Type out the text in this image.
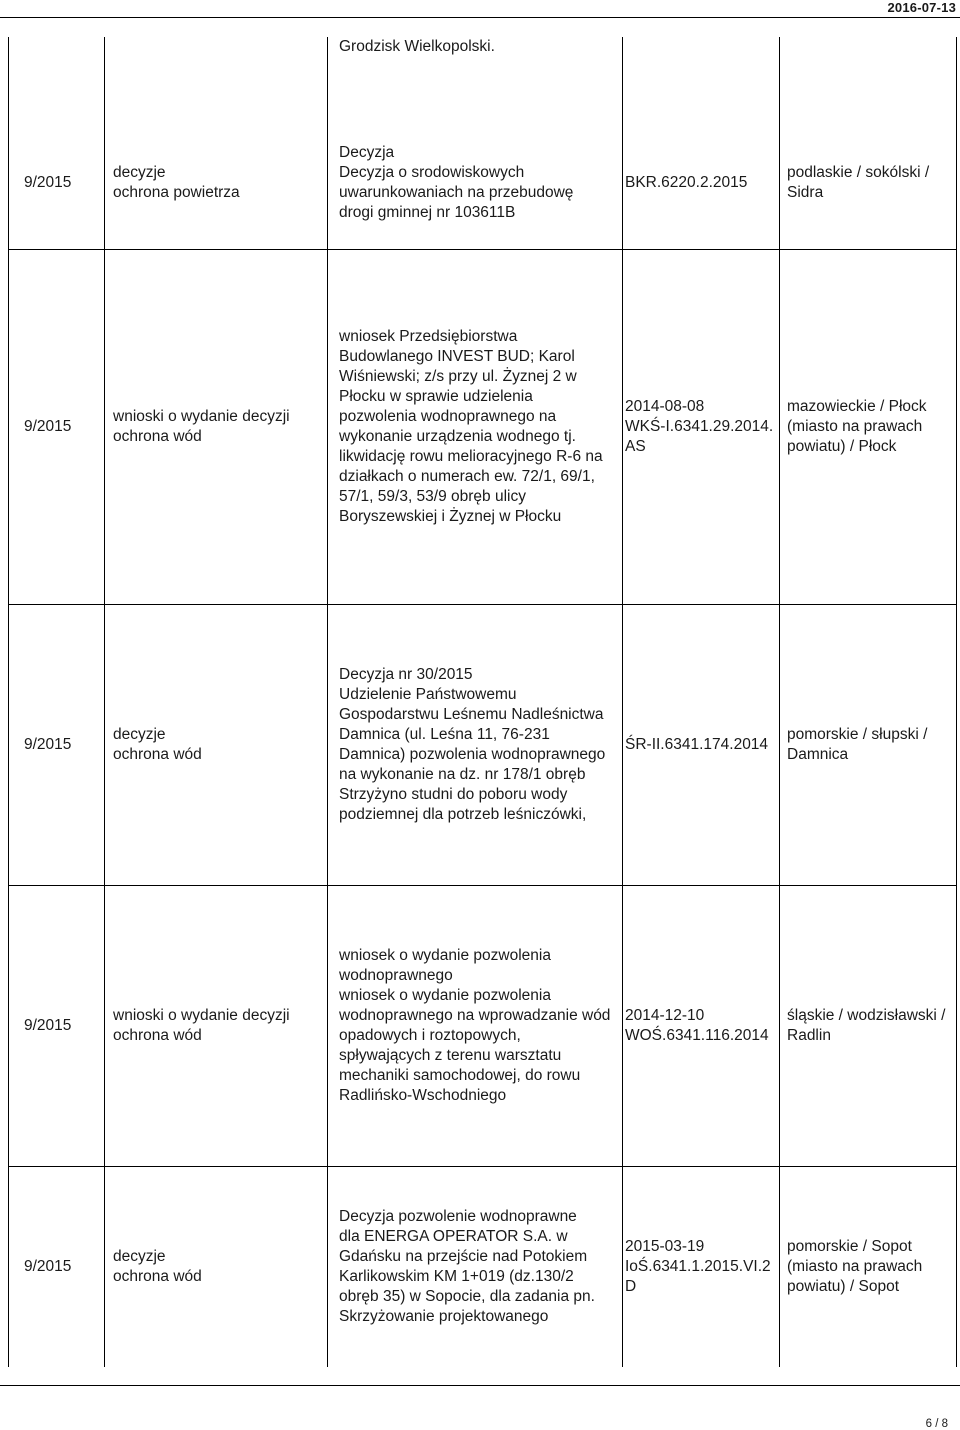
2016-07-13
Grodzisk Wielkopolski.
9/2015
decyzje
ochrona powietrza
Decyzja
Decyzja o srodowiskowych
uwarunkowaniach na przebudowę
drogi gminnej nr 103611B
BKR.6220.2.2015
podlaskie / sokólski /
Sidra
9/2015
wnioski o wydanie decyzji
ochrona wód
wniosek Przedsiębiorstwa
Budowlanego INVEST BUD; Karol
Wiśniewski; z/s przy ul. Żyznej 2 w
Płocku w sprawie udzielenia
pozwolenia wodnoprawnego na
wykonanie urządzenia wodnego tj.
likwidację rowu melioracyjnego R-6 na
działkach o numerach ew. 72/1, 69/1,
57/1, 59/3, 53/9 obręb ulicy
Boryszewskiej i Żyznej w Płocku
2014-08-08
WKŚ-I.6341.29.2014.
AS
mazowieckie / Płock
(miasto na prawach
powiatu) / Płock
9/2015
decyzje
ochrona wód
Decyzja nr 30/2015
Udzielenie Państwowemu
Gospodarstwu Leśnemu Nadleśnictwa
Damnica (ul. Leśna 11, 76-231
Damnica) pozwolenia wodnoprawnego
na wykonanie na dz. nr 178/1 obręb
Strzyżyno studni do poboru wody
podziemnej dla potrzeb leśniczówki,
ŚR-II.6341.174.2014
pomorskie / słupski /
Damnica
9/2015
wnioski o wydanie decyzji
ochrona wód
wniosek o wydanie pozwolenia
wodnoprawnego
wniosek o wydanie pozwolenia
wodnoprawnego na wprowadzanie wód
opadowych i roztopowych,
spływających z terenu warsztatu
mechaniki samochodowej, do rowu
Radlińsko-Wschodniego
2014-12-10
WOŚ.6341.116.2014
śląskie / wodzisławski /
Radlin
9/2015
decyzje
ochrona wód
Decyzja pozwolenie wodnoprawne
dla ENERGA OPERATOR S.A. w
Gdańsku na przejście nad Potokiem
Karlikowskim KM 1+019 (dz.130/2
obręb 35) w Sopocie, dla zadania pn.
Skrzyżowanie projektowanego
2015-03-19
IoŚ.6341.1.2015.VI.2
D
pomorskie / Sopot
(miasto na prawach
powiatu) / Sopot
6 / 8
